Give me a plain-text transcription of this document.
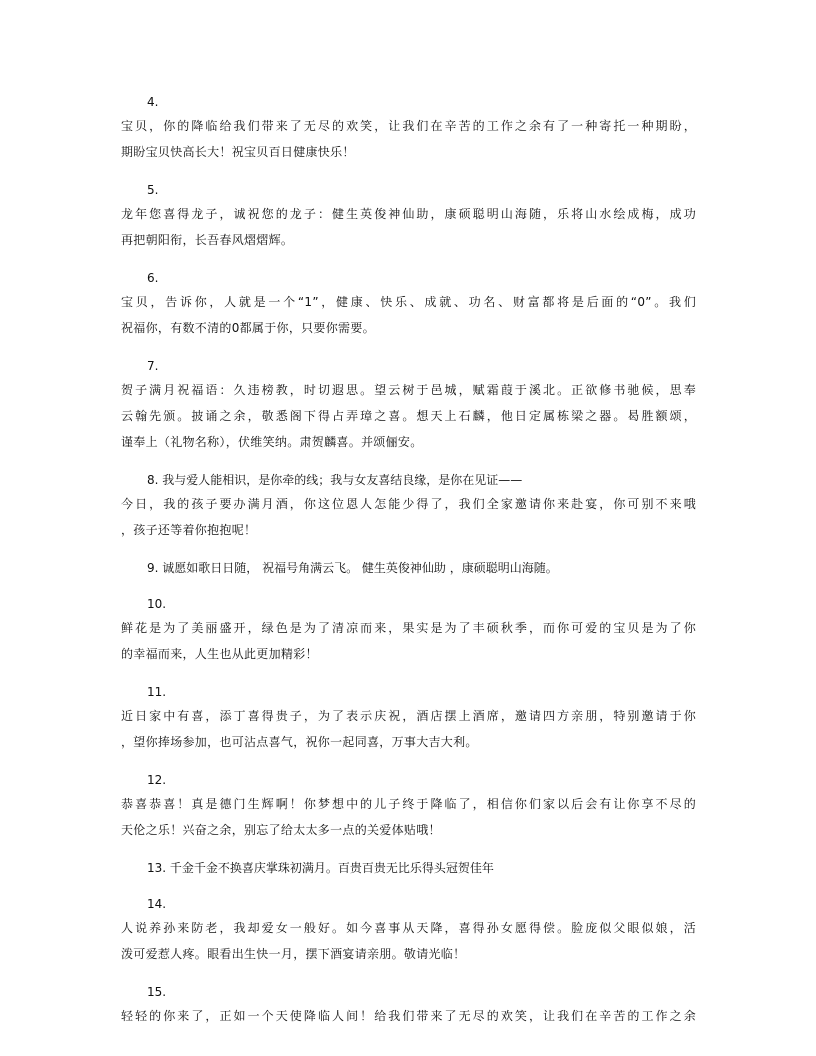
4.
宝贝，你的降临给我们带来了无尽的欢笑，让我们在辛苦的工作之余有了一种寄托一种期盼，
期盼宝贝快高长大！祝宝贝百日健康快乐！
5.
龙年您喜得龙子，诚祝您的龙子：健生英俊神仙助，康硕聪明山海随，乐将山水绘成梅，成功
再把朝阳衔，长吾春风熠熠辉。
6.
宝贝，告诉你，人就是一个“1”，健康、快乐、成就、功名、财富都将是后面的“0”。我们
祝福你，有数不清的0都属于你，只要你需要。
7.
贺子满月祝福语：久违榜教，时切遐思。望云树于邑城，赋霜葭于溪北。正欲修书驰候，思奉
云翰先颁。披诵之余，敬悉阁下得占弄璋之喜。想天上石麟，他日定属栋梁之器。曷胜额颂，
谨奉上（礼物名称），伏维笑纳。肃贺麟喜。并颂俪安。
8. 我与爱人能相识，是你牵的线；我与女友喜结良缘，是你在见证——
今日，我的孩子要办满月酒，你这位恩人怎能少得了，我们全家邀请你来赴宴，你可别不来哦
，孩子还等着你抱抱呢！
9. 诚愿如歌日日随， 祝福号角满云飞。 健生英俊神仙助 ，康硕聪明山海随。
10.
鲜花是为了美丽盛开，绿色是为了清凉而来，果实是为了丰硕秋季，而你可爱的宝贝是为了你
的幸福而来，人生也从此更加精彩！
11.
近日家中有喜，添丁喜得贵子，为了表示庆祝，酒店摆上酒席，邀请四方亲朋，特别邀请于你
，望你捧场参加，也可沾点喜气，祝你一起同喜，万事大吉大利。
12.
恭喜恭喜！真是德门生辉啊！你梦想中的儿子终于降临了，相信你们家以后会有让你享不尽的
天伦之乐！兴奋之余，别忘了给太太多一点的关爱体贴哦！
13. 千金千金不换喜庆掌珠初满月。百贵百贵无比乐得头冠贺佳年
14.
人说养孙来防老，我却爱女一般好。如今喜事从天降，喜得孙女愿得偿。脸庞似父眼似娘，活
泼可爱惹人疼。眼看出生快一月，摆下酒宴请亲朋。敬请光临！
15.
轻轻的你来了，正如一个天使降临人间！给我们带来了无尽的欢笑，让我们在辛苦的工作之余
